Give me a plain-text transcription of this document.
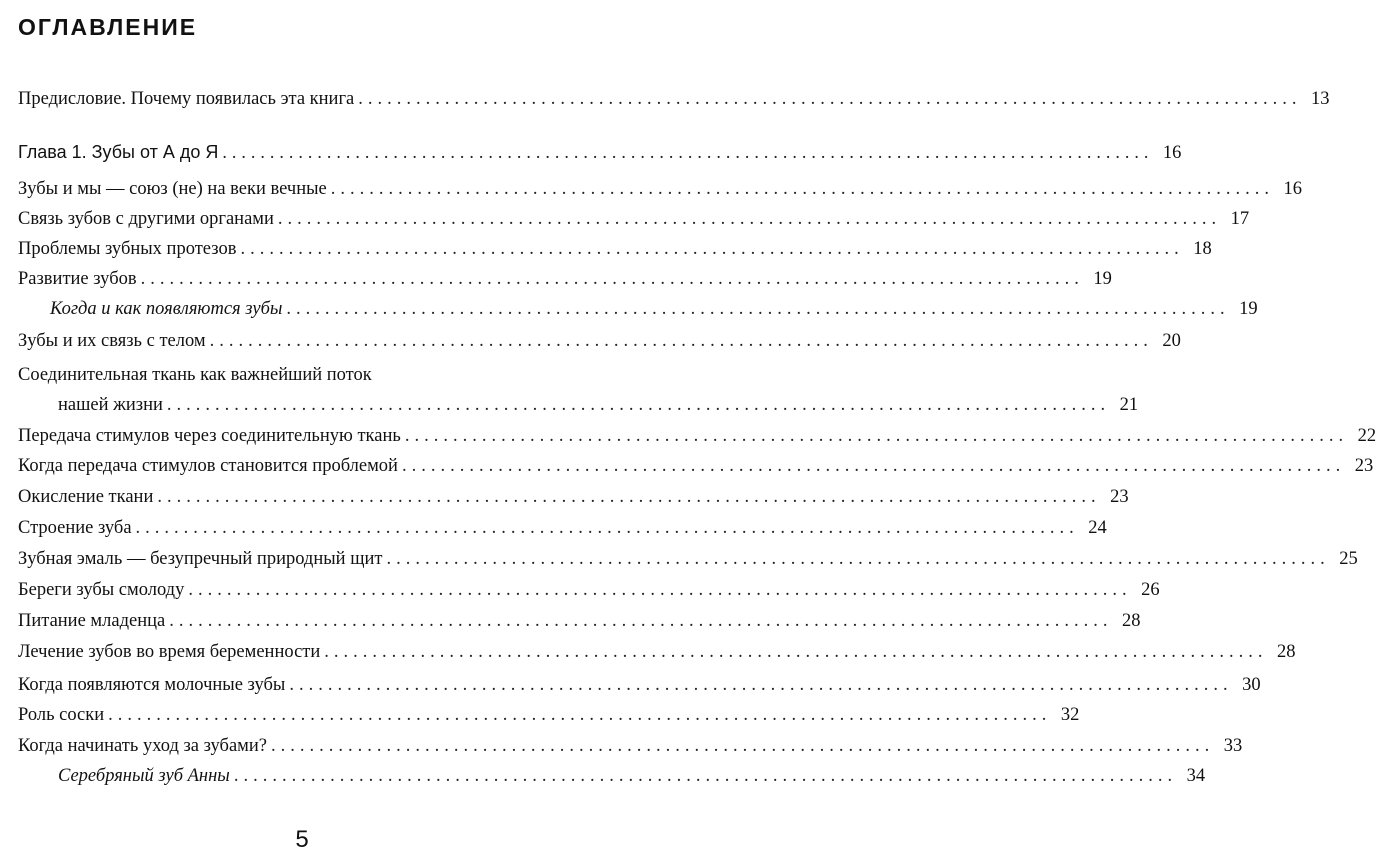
ОГЛАВЛЕНИЕ
Предисловие. Почему появилась эта книга .................................................................................................. 13
Глава 1. Зубы от А до Я .................................................................................................. 16
Зубы и мы — союз (не) на веки вечные .................................................................................................. 16
Связь зубов с другими органами .................................................................................................. 17
Проблемы зубных протезов .................................................................................................. 18
Развитие зубов .................................................................................................. 19
Когда и как появляются зубы .................................................................................................. 19
Зубы и их связь с телом .................................................................................................. 20
Соединительная ткань как важнейший поток
нашей жизни .................................................................................................. 21
Передача стимулов через соединительную ткань .................................................................................................. 22
Когда передача стимулов становится проблемой .................................................................................................. 23
Окисление ткани .................................................................................................. 23
Строение зуба .................................................................................................. 24
Зубная эмаль — безупречный природный щит .................................................................................................. 25
Береги зубы смолоду .................................................................................................. 26
Питание младенца .................................................................................................. 28
Лечение зубов во время беременности .................................................................................................. 28
Когда появляются молочные зубы .................................................................................................. 30
Роль соски .................................................................................................. 32
Когда начинать уход за зубами? .................................................................................................. 33
Серебряный зуб Анны .................................................................................................. 34
5
